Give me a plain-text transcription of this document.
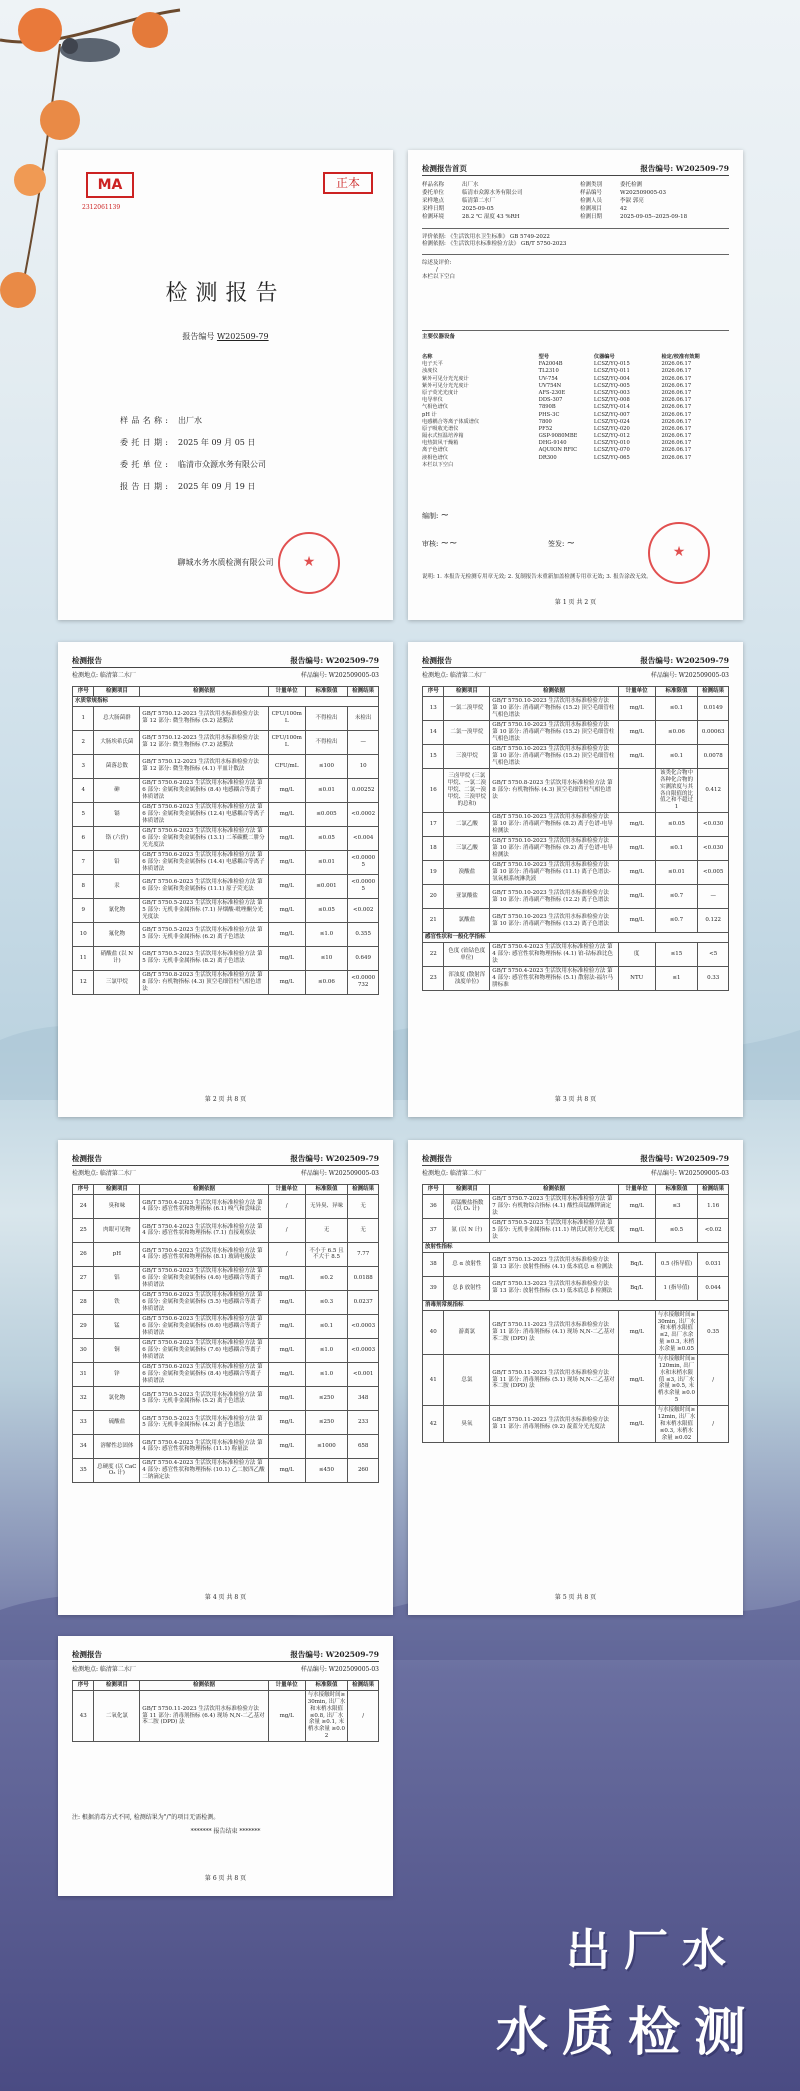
MA
2312061139
正本
检测报告
报告编号 W202509-79
样品名称: 出厂水
委托日期: 2025 年 09 月 05 日
委托单位: 临清市众源水务有限公司
报告日期: 2025 年 09 月 19 日
★
聊城水务水质检测有限公司
检测报告首页	报告编号: W202509-79
样品名称	出厂水
委托单位	临清市众源水务有限公司
采样地点	临清第二水厂
采样日期	2025-09-05
检测环境	28.2 ℃ 湿度 43 %RH
检测类别	委托检测
样品编号	W202509005-03
检测人员	李淑 郭亮
检测项目	42
检测日期	2025-09-05--2025-09-18
评价依据: 《生活饮用水卫生标准》 GB 5749-2022
检测依据: 《生活饮用水标准检验方法》 GB/T 5750-2023
综述及评价:
/
本栏以下空白
主要仪器设备
名称	型号	仪器编号	检定/校准有效期
电子天平	FA2004B	LCSZ/YQ-015	2026.06.17
浊度仪	TL2310	LCSZ/YQ-011	2026.06.17
紫外可见分光光度计	UV-754	LCSZ/YQ-004	2026.06.17
紫外可见分光光度计	UV754N	LCSZ/YQ-005	2026.06.17
原子荧光光度计	AFS-230E	LCSZ/YQ-003	2026.06.17
电导率仪	DDS-307	LCSZ/YQ-008	2026.06.17
气相色谱仪	7890B	LCSZ/YQ-014	2026.06.17
pH 计	PHS-3C	LCSZ/YQ-007	2026.06.17
电感耦合等离子体质谱仪	7800	LCSZ/YQ-024	2026.06.17
原子吸收光谱仪	PF52	LCSZ/YQ-020	2026.06.17
隔水式恒温培养箱	GSP-9080MBE	LCSZ/YQ-012	2026.06.17
电热鼓风干燥箱	DHG-9140	LCSZ/YQ-010	2026.06.17
离子色谱仪	AQUION RFIC	LCSZ/YQ-070	2026.06.17
液相色谱仪	DR300	LCSZ/YQ-065	2026.06.17
本栏以下空白
编制: ~
审核: ~~	签发: ~
★
说明: 1. 本报告无检测专用章无效; 2. 复制报告未重新加盖检测专用章无效; 3. 报告涂改无效。
第 1 页 共 2 页
检测报告	报告编号: W202509-79
检测地点: 临清第二水厂	样品编号: W202509005-03
序号	检测项目	检测依据	计量单位	标准限值	检测结果
水质常规指标					
1	总大肠菌群	GB/T 5750.12-2023 生活饮用水标准检验方法 第 12 部分: 微生物指标 (5.2) 滤膜法	CFU/100mL	不得检出	未检出
2	大肠埃希氏菌	GB/T 5750.12-2023 生活饮用水标准检验方法 第 12 部分: 微生物指标 (7.2) 滤膜法	CFU/100mL	不得检出	—
3	菌落总数	GB/T 5750.12-2023 生活饮用水标准检验方法 第 12 部分: 微生物指标 (4.1) 平皿计数法	CFU/mL	≤100	10
4	砷	GB/T 5750.6-2023 生活饮用水标准检验方法 第 6 部分: 金属和类金属指标 (8.4) 电感耦合等离子体质谱法	mg/L	≤0.01	0.00252
5	镉	GB/T 5750.6-2023 生活饮用水标准检验方法 第 6 部分: 金属和类金属指标 (12.4) 电感耦合等离子体质谱法	mg/L	≤0.005	<0.0002
6	铬 (六价)	GB/T 5750.6-2023 生活饮用水标准检验方法 第 6 部分: 金属和类金属指标 (13.1) 二苯碳酰二肼分光光度法	mg/L	≤0.05	<0.004
7	铅	GB/T 5750.6-2023 生活饮用水标准检验方法 第 6 部分: 金属和类金属指标 (14.4) 电感耦合等离子体质谱法	mg/L	≤0.01	<0.00005
8	汞	GB/T 5750.6-2023 生活饮用水标准检验方法 第 6 部分: 金属和类金属指标 (11.1) 原子荧光法	mg/L	≤0.001	<0.00005
9	氰化物	GB/T 5750.5-2023 生活饮用水标准检验方法 第 5 部分: 无机非金属指标 (7.1) 异烟酸-吡唑酮分光光度法	mg/L	≤0.05	<0.002
10	氟化物	GB/T 5750.5-2023 生活饮用水标准检验方法 第 5 部分: 无机非金属指标 (6.2) 离子色谱法	mg/L	≤1.0	0.355
11	硝酸盐 (以 N 计)	GB/T 5750.5-2023 生活饮用水标准检验方法 第 5 部分: 无机非金属指标 (8.2) 离子色谱法	mg/L	≤10	0.649
12	三氯甲烷	GB/T 5750.8-2023 生活饮用水标准检验方法 第 8 部分: 有机物指标 (4.3) 顶空毛细管柱气相色谱法	mg/L	≤0.06	<0.0000732
第 2 页 共 8 页
检测报告	报告编号: W202509-79
检测地点: 临清第二水厂	样品编号: W202509005-03
序号	检测项目	检测依据	计量单位	标准限值	检测结果
13	一氯二溴甲烷	GB/T 5750.10-2023 生活饮用水标准检验方法 第 10 部分: 消毒副产物指标 (15.2) 顶空毛细管柱气相色谱法	mg/L	≤0.1	0.0149
14	二氯一溴甲烷	GB/T 5750.10-2023 生活饮用水标准检验方法 第 10 部分: 消毒副产物指标 (15.2) 顶空毛细管柱气相色谱法	mg/L	≤0.06	0.00063
15	三溴甲烷	GB/T 5750.10-2023 生活饮用水标准检验方法 第 10 部分: 消毒副产物指标 (15.2) 顶空毛细管柱气相色谱法	mg/L	≤0.1	0.0078
16	三卤甲烷 (三氯甲烷、一氯二溴甲烷、二氯一溴甲烷、三溴甲烷的总和)	GB/T 5750.8-2023 生活饮用水标准检验方法 第 8 部分: 有机物指标 (4.3) 顶空毛细管柱气相色谱法		该类化合物中各种化合物的实测浓度与其各自限值的比值之和不超过 1	0.412
17	二氯乙酸	GB/T 5750.10-2023 生活饮用水标准检验方法 第 10 部分: 消毒副产物指标 (8.2) 离子色谱-电导检测法	mg/L	≤0.05	<0.030
18	三氯乙酸	GB/T 5750.10-2023 生活饮用水标准检验方法 第 10 部分: 消毒副产物指标 (9.2) 离子色谱-电导检测法	mg/L	≤0.1	<0.030
19	溴酸盐	GB/T 5750.10-2023 生活饮用水标准检验方法 第 10 部分: 消毒副产物指标 (11.1) 离子色谱法-氢氧根系统淋洗液	mg/L	≤0.01	<0.005
20	亚氯酸盐	GB/T 5750.10-2023 生活饮用水标准检验方法 第 10 部分: 消毒副产物指标 (12.2) 离子色谱法	mg/L	≤0.7	—
21	氯酸盐	GB/T 5750.10-2023 生活饮用水标准检验方法 第 10 部分: 消毒副产物指标 (13.2) 离子色谱法	mg/L	≤0.7	0.122
感官性状和一般化学指标					
22	色度 (铂钴色度单位)	GB/T 5750.4-2023 生活饮用水标准检验方法 第 4 部分: 感官性状和物理指标 (4.1) 铂-钴标准比色法	度	≤15	<5
23	浑浊度 (散射浑浊度单位)	GB/T 5750.4-2023 生活饮用水标准检验方法 第 4 部分: 感官性状和物理指标 (5.1) 散射法-福尔马肼标准	NTU	≤1	0.33
第 3 页 共 8 页
检测报告	报告编号: W202509-79
检测地点: 临清第二水厂	样品编号: W202509005-03
序号	检测项目	检测依据	计量单位	标准限值	检测结果
24	臭和味	GB/T 5750.4-2023 生活饮用水标准检验方法 第 4 部分: 感官性状和物理指标 (6.1) 嗅气和尝味法	/	无异臭、异味	无
25	肉眼可见物	GB/T 5750.4-2023 生活饮用水标准检验方法 第 4 部分: 感官性状和物理指标 (7.1) 直接观察法	/	无	无
26	pH	GB/T 5750.4-2023 生活饮用水标准检验方法 第 4 部分: 感官性状和物理指标 (8.1) 玻璃电极法	/	不小于 6.5 且不大于 8.5	7.77
27	铝	GB/T 5750.6-2023 生活饮用水标准检验方法 第 6 部分: 金属和类金属指标 (4.6) 电感耦合等离子体质谱法	mg/L	≤0.2	0.0188
28	铁	GB/T 5750.6-2023 生活饮用水标准检验方法 第 6 部分: 金属和类金属指标 (5.5) 电感耦合等离子体质谱法	mg/L	≤0.3	0.0237
29	锰	GB/T 5750.6-2023 生活饮用水标准检验方法 第 6 部分: 金属和类金属指标 (6.6) 电感耦合等离子体质谱法	mg/L	≤0.1	<0.0003
30	铜	GB/T 5750.6-2023 生活饮用水标准检验方法 第 6 部分: 金属和类金属指标 (7.6) 电感耦合等离子体质谱法	mg/L	≤1.0	<0.0003
31	锌	GB/T 5750.6-2023 生活饮用水标准检验方法 第 6 部分: 金属和类金属指标 (8.4) 电感耦合等离子体质谱法	mg/L	≤1.0	<0.001
32	氯化物	GB/T 5750.5-2023 生活饮用水标准检验方法 第 5 部分: 无机非金属指标 (5.2) 离子色谱法	mg/L	≤250	348
33	硫酸盐	GB/T 5750.5-2023 生活饮用水标准检验方法 第 5 部分: 无机非金属指标 (4.2) 离子色谱法	mg/L	≤250	233
34	溶解性总固体	GB/T 5750.4-2023 生活饮用水标准检验方法 第 4 部分: 感官性状和物理指标 (11.1) 称量法	mg/L	≤1000	658
35	总硬度 (以 CaCO₃ 计)	GB/T 5750.4-2023 生活饮用水标准检验方法 第 4 部分: 感官性状和物理指标 (10.1) 乙二胺四乙酸二钠滴定法	mg/L	≤450	260
第 4 页 共 8 页
检测报告	报告编号: W202509-79
检测地点: 临清第二水厂	样品编号: W202509005-03
序号	检测项目	检测依据	计量单位	标准限值	检测结果
36	高锰酸盐指数 (以 O₂ 计)	GB/T 5750.7-2023 生活饮用水标准检验方法 第 7 部分: 有机物综合指标 (4.1) 酸性高锰酸钾滴定法	mg/L	≤3	1.16
37	氨 (以 N 计)	GB/T 5750.5-2023 生活饮用水标准检验方法 第 5 部分: 无机非金属指标 (11.1) 纳氏试剂分光光度法	mg/L	≤0.5	<0.02
放射性指标					
38	总 α 放射性	GB/T 5750.13-2023 生活饮用水标准检验方法 第 13 部分: 放射性指标 (4.1) 低本底总 α 检测法	Bq/L	0.5 (指导值)	0.031
39	总 β 放射性	GB/T 5750.13-2023 生活饮用水标准检验方法 第 13 部分: 放射性指标 (5.1) 低本底总 β 检测法	Bq/L	1 (指导值)	0.044
消毒剂常规指标					
40	游离氯	GB/T 5750.11-2023 生活饮用水标准检验方法 第 11 部分: 消毒剂指标 (4.1) 现场 N,N-二乙基对苯二胺 (DPD) 法	mg/L	与水接触时间≥30min, 出厂水和末梢水限值 ≤2, 出厂水余量 ≥0.3, 末梢水余量 ≥0.05	0.35
41	总氯	GB/T 5750.11-2023 生活饮用水标准检验方法 第 11 部分: 消毒剂指标 (5.1) 现场 N,N-二乙基对苯二胺 (DPD) 法	mg/L	与水接触时间≥120min, 出厂水和末梢水限值 ≤3, 出厂水余量 ≥0.5, 末梢水余量 ≥0.05	/
42	臭氧	GB/T 5750.11-2023 生活饮用水标准检验方法 第 11 部分: 消毒剂指标 (9.2) 靛蓝分光光度法	mg/L	与水接触时间≥12min, 出厂水和末梢水限值 ≤0.3, 末梢水余量 ≥0.02	/
第 5 页 共 8 页
检测报告	报告编号: W202509-79
检测地点: 临清第二水厂	样品编号: W202509005-03
序号	检测项目	检测依据	计量单位	标准限值	检测结果
43	二氧化氯	GB/T 5750.11-2023 生活饮用水标准检验方法 第 11 部分: 消毒剂指标 (6.4) 现场 N,N-二乙基对苯二胺 (DPD) 法	mg/L	与水接触时间≥30min, 出厂水和末梢水限值 ≤0.8, 出厂水余量 ≥0.1, 末梢水余量 ≥0.02	/
注: 根据消毒方式不同, 检测结果为"/"的项目无需检测。
******* 报告结束 *******
第 6 页 共 8 页
出厂水
水质检测
